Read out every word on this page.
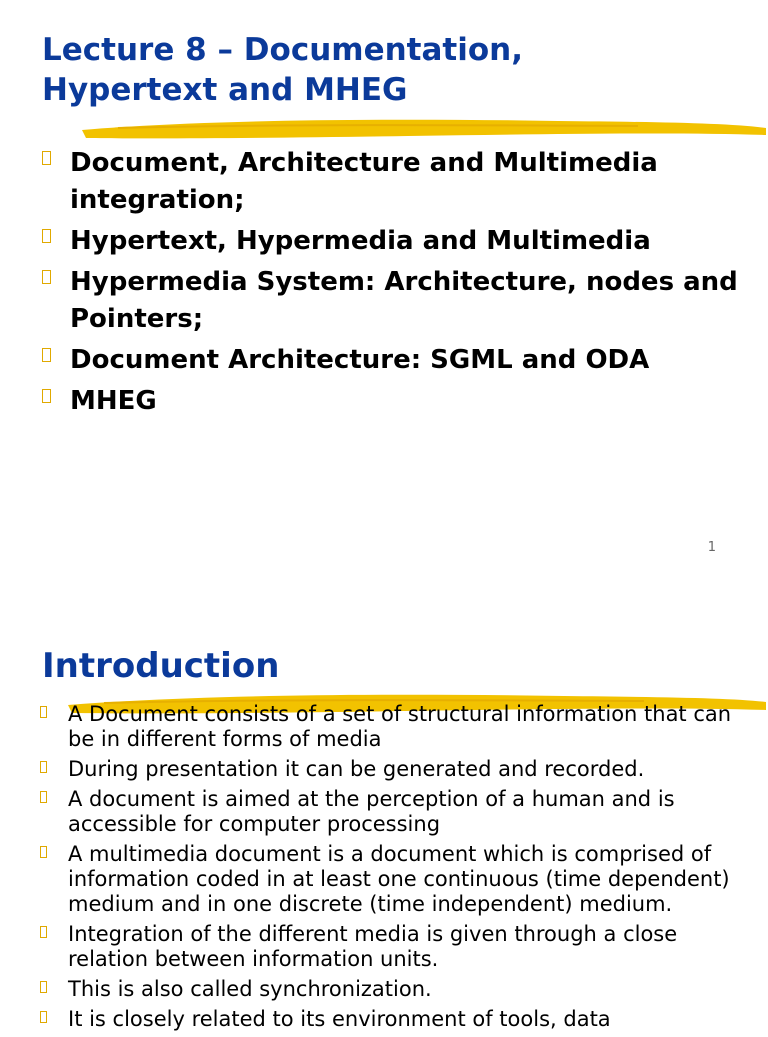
Lecture 8 – Documentation,
Hypertext and MHEG
Document, Architecture and Multimedia integration;
Hypertext, Hypermedia and Multimedia
Hypermedia System: Architecture, nodes and Pointers;
Document Architecture: SGML and ODA
MHEG
1
Introduction
A Document consists of a set of structural information that can be in different forms of media
During presentation it can be generated and recorded.
A document is aimed at the perception of a human and is accessible for computer processing
A multimedia document is a document which is comprised of information coded in at least one continuous (time dependent) medium and in one discrete (time independent) medium.
Integration of the different media is given through a close relation between information units.
This is also called synchronization.
It is closely related to its environment of tools, data
